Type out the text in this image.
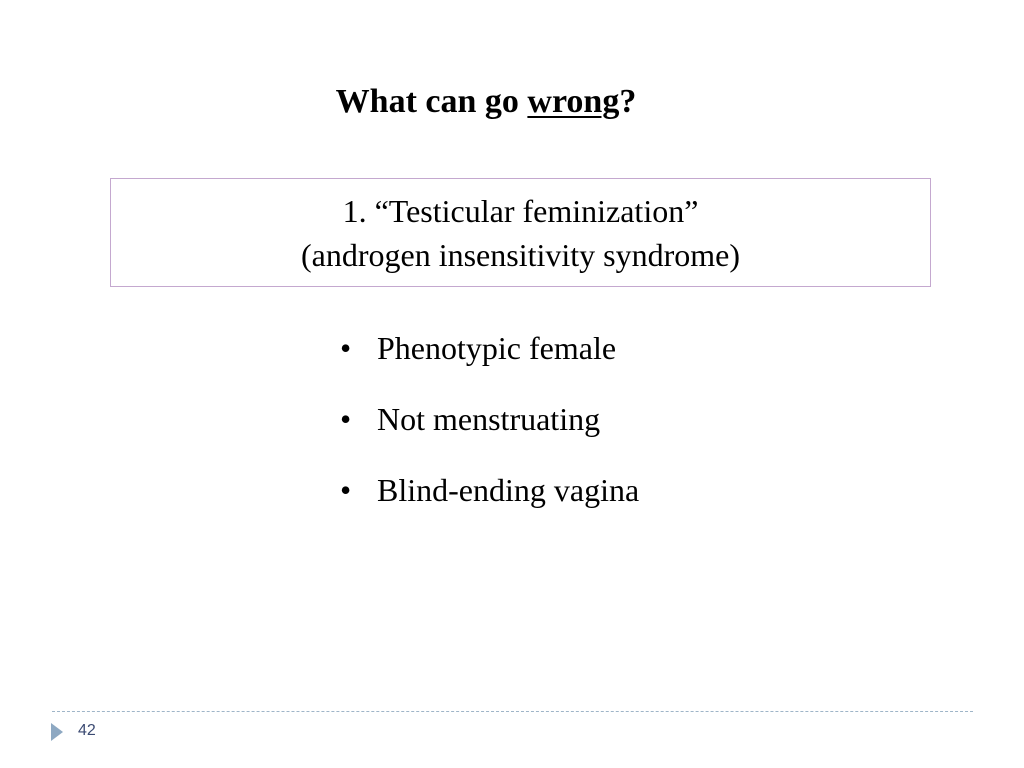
What can go wrong?
1. “Testicular feminization”
(androgen insensitivity syndrome)
• Phenotypic female
• Not menstruating
• Blind-ending vagina
42
